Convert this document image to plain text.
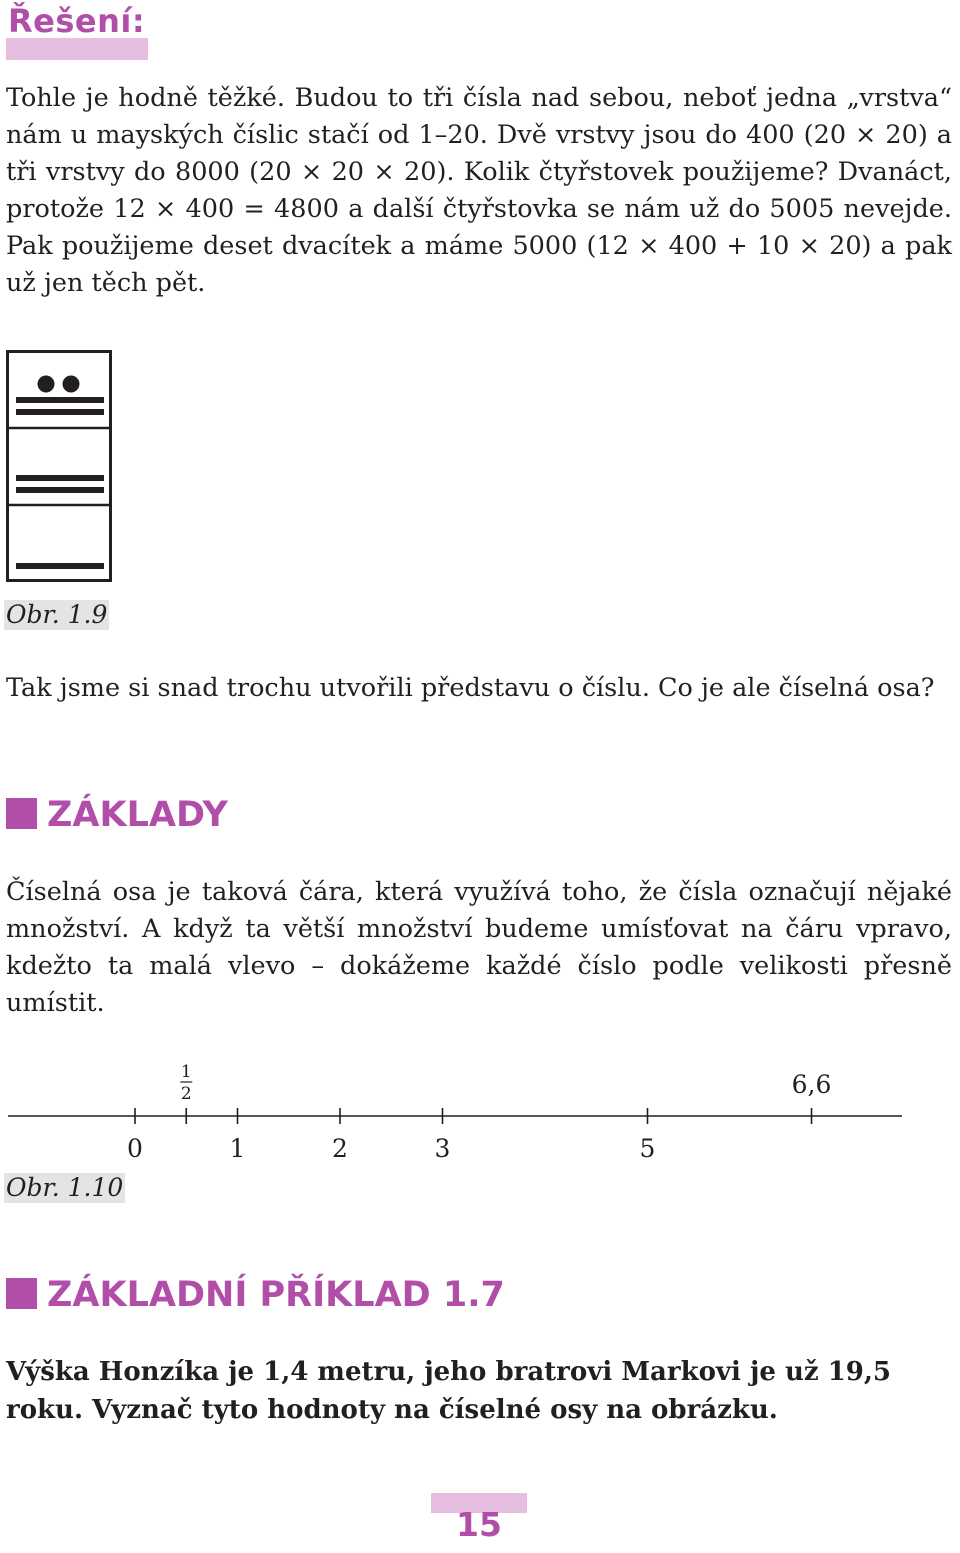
Řešení:

Tohle je hodně těžké. Budou to tři čísla nad sebou, neboť jedna „vrstva“ nám u mayských číslic stačí od 1–20. Dvě vrstvy jsou do 400 (20 × 20) a tři vrstvy do 8000 (20 × 20 × 20). Kolik čtyřstovek použijeme? Dvanáct, protože 12 × 400 = 4800 a další čtyřstovka se nám už do 5005 nevejde. Pak použijeme deset dvacítek a máme 5000 (12 × 400 + 10 × 20) a pak už jen těch pět.

Obr. 1.9

Tak jsme si snad trochu utvořili představu o číslu. Co je ale číselná osa?

ZÁKLADY

Číselná osa je taková čára, která využívá toho, že čísla označují nějaké množství. A když ta větší množství budeme umísťovat na čáru vpravo, kdežto ta malá vlevo – dokážeme každé číslo podle velikosti přesně umístit.

0	1	2	3	5
1
2	6,6

Obr. 1.10

ZÁKLADNÍ PŘÍKLAD 1.7

Výška Honzíka je 1,4 metru, jeho bratrovi Markovi je už 19,5 roku. Vyznač tyto hodnoty na číselné osy na obrázku.

15
